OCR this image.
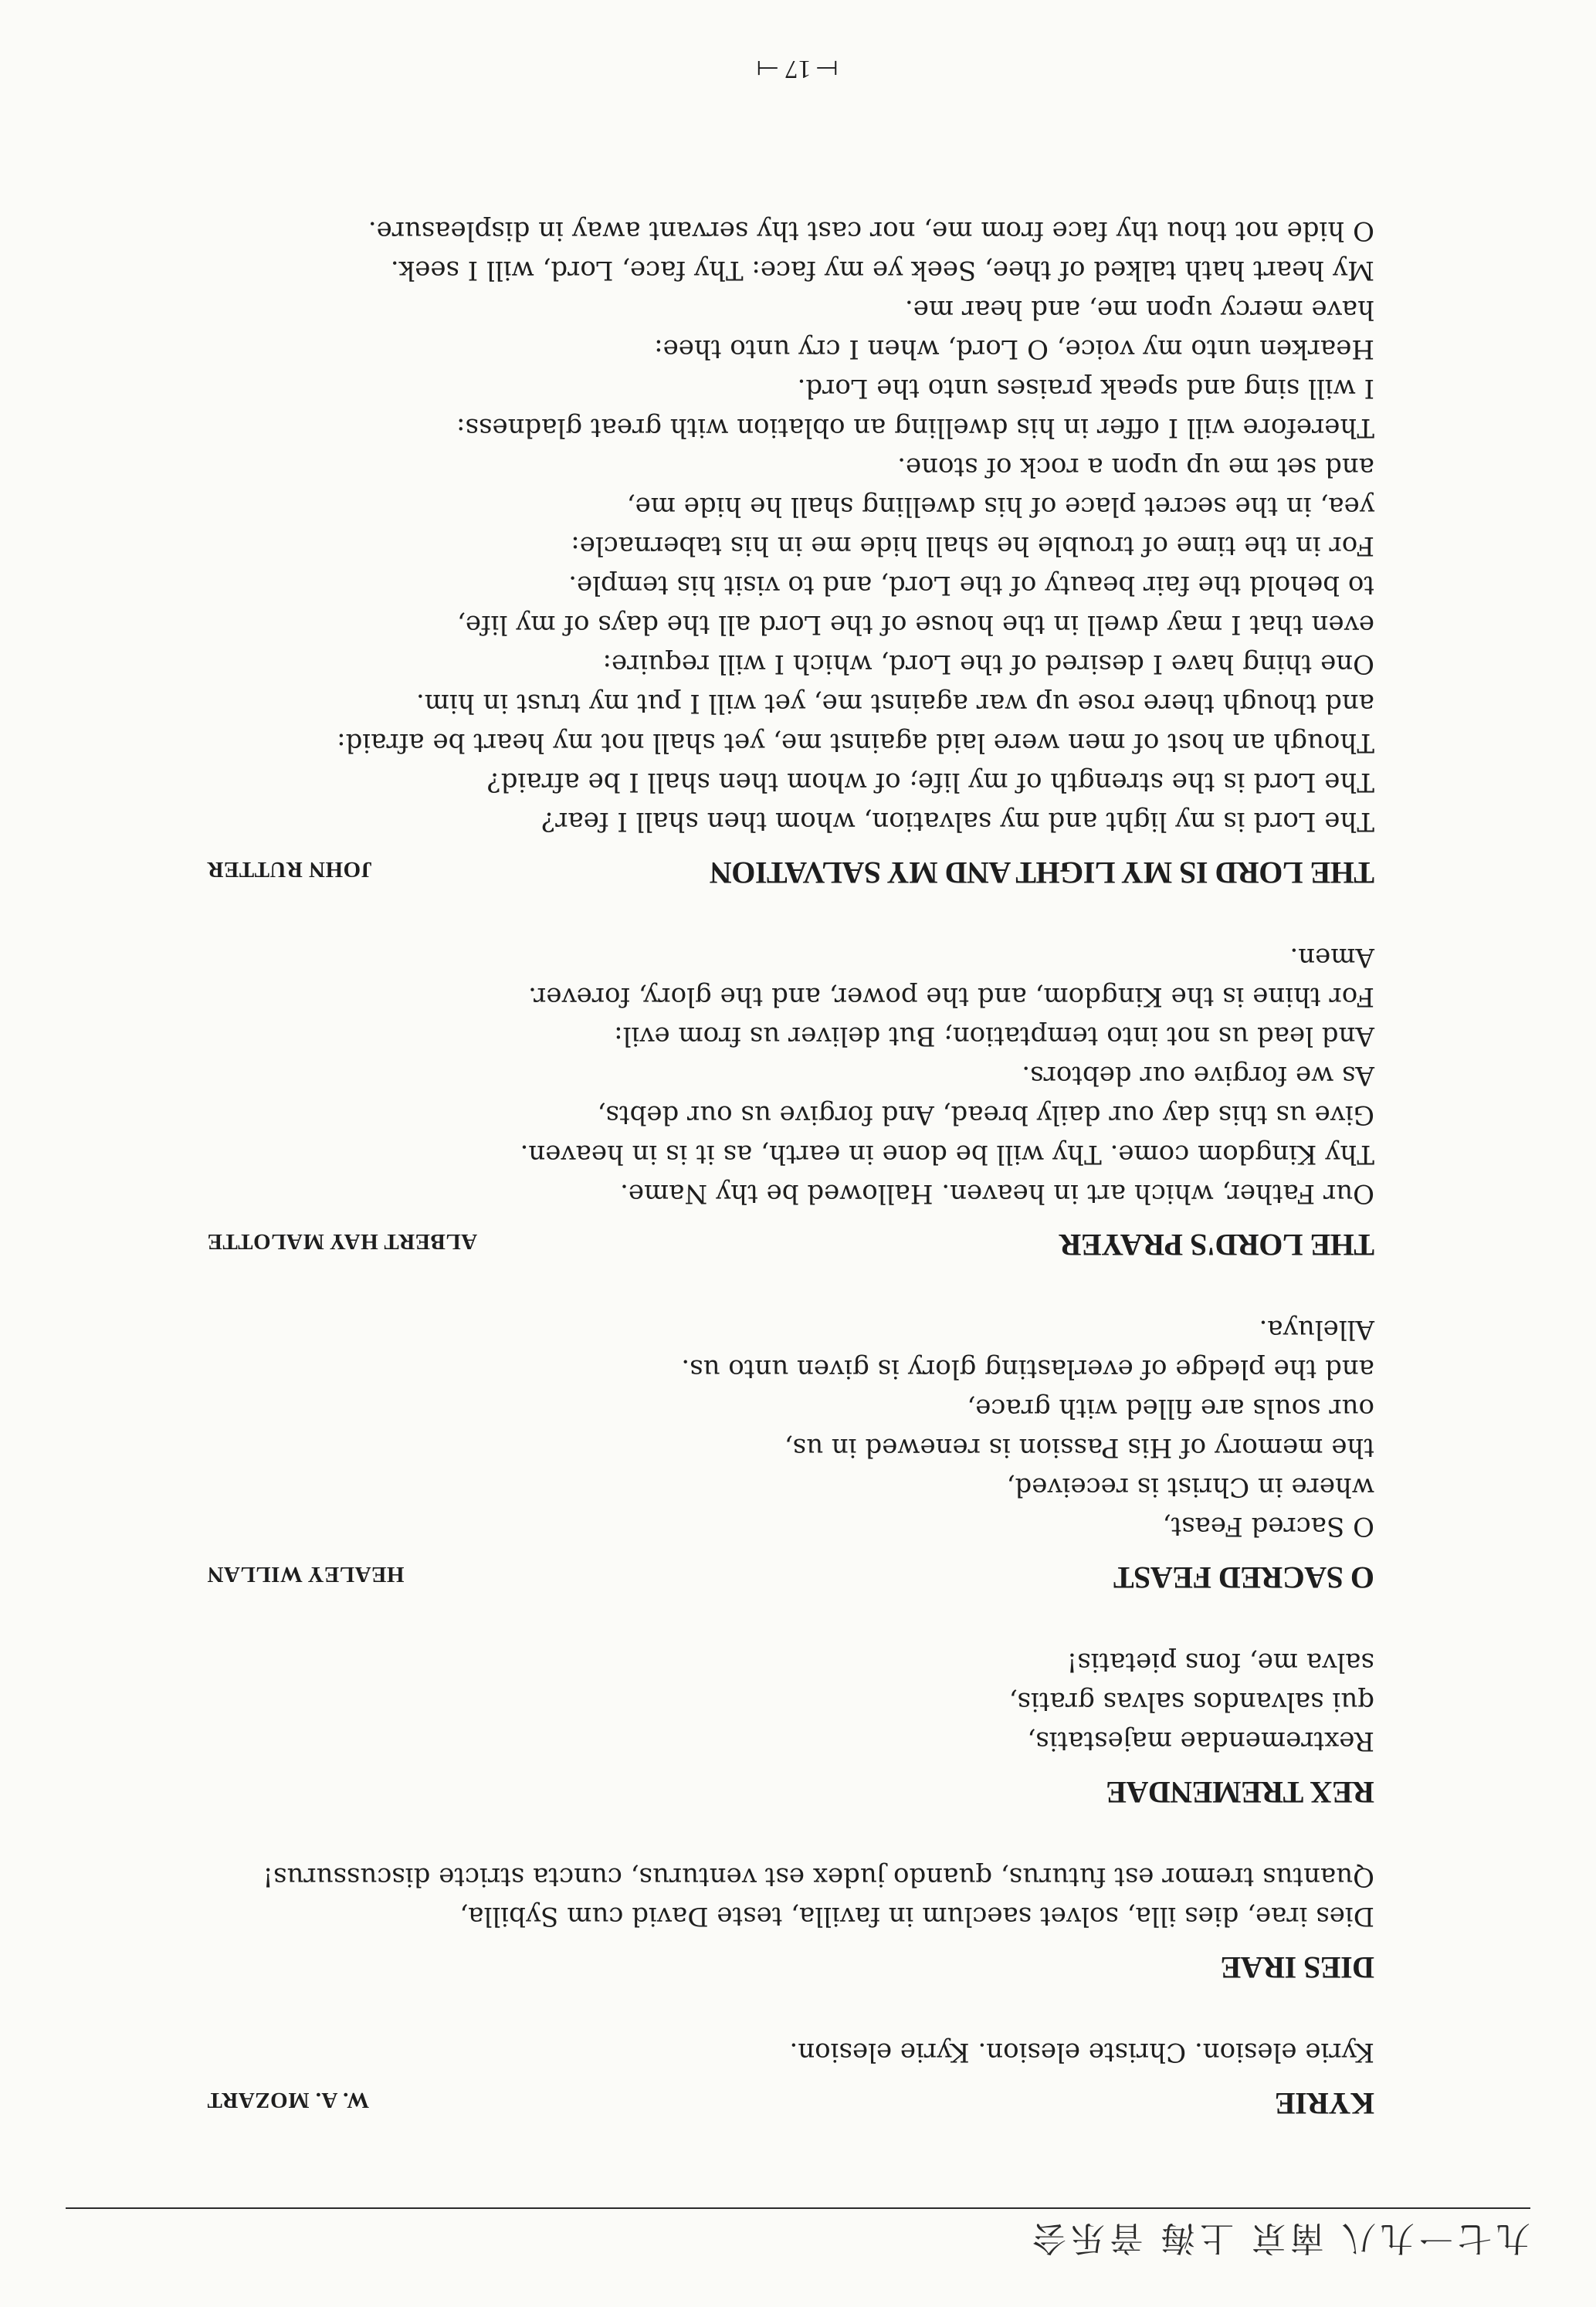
九七一九八 南京 上海 音乐会
KYRIE
W. A. MOZART
Kyrie elesion. Christe elesion. Kyrie elesion.
DIES IRAE
Dies irae, dies illa, solvet saeclum in favilla, teste David cum Sybilla,
Quantus tremor est futurus, quando judex est venturus, cuncta stricte discussurus!
REX TREMENDAE
Rextremendae majestatis,
qui salvandos salvas gratis,
salva me, fons pietatis!
O SACRED FEAST
HEALEY WILLAN
O Sacred Feast,
where in Christ is received,
the memory of His Passion is renewed in us,
our souls are filled with grace,
and the pledge of everlasting glory is given unto us.
Alleluya.
THE LORD'S PRAYER
ALBERT HAY MALOTTE
Our Father, which art in heaven. Hallowed be thy Name.
Thy Kingdom come. Thy will be done in earth, as it is in heaven.
Give us this day our daily bread, And forgive us our debts,
As we forgive our debtors.
And lead us not into temptation; But deliver us from evil:
For thine is the Kingdom, and the power, and the glory, forever.
Amen.
THE LORD IS MY LIGHT AND MY SALVATION
JOHN RUTTER
The Lord is my light and my salvation, whom then shall I fear?
The Lord is the strength of my life; of whom then shall I be afraid?
Though an host of men were laid against me, yet shall not my heart be afraid:
and though there rose up war against me, yet will I put my trust in him.
One thing have I desired of the Lord, which I will require:
even that I may dwell in the house of the Lord all the days of my life,
to behold the fair beauty of the Lord, and to visit his temple.
For in the time of trouble he shall hide me in his tabernacle:
yea, in the secret place of his dwelling shall he hide me,
and set me up upon a rock of stone.
Therefore will I offer in his dwelling an oblation with great gladness:
I will sing and speak praises unto the Lord.
Hearken unto my voice, O Lord, when I cry unto thee:
have mercy upon me, and hear me.
My heart hath talked of thee, Seek ye my face: Thy face, Lord, will I seek.
O hide not thou thy face from me, nor cast thy servant away in displeasure.
⟝ 17 ⟞
